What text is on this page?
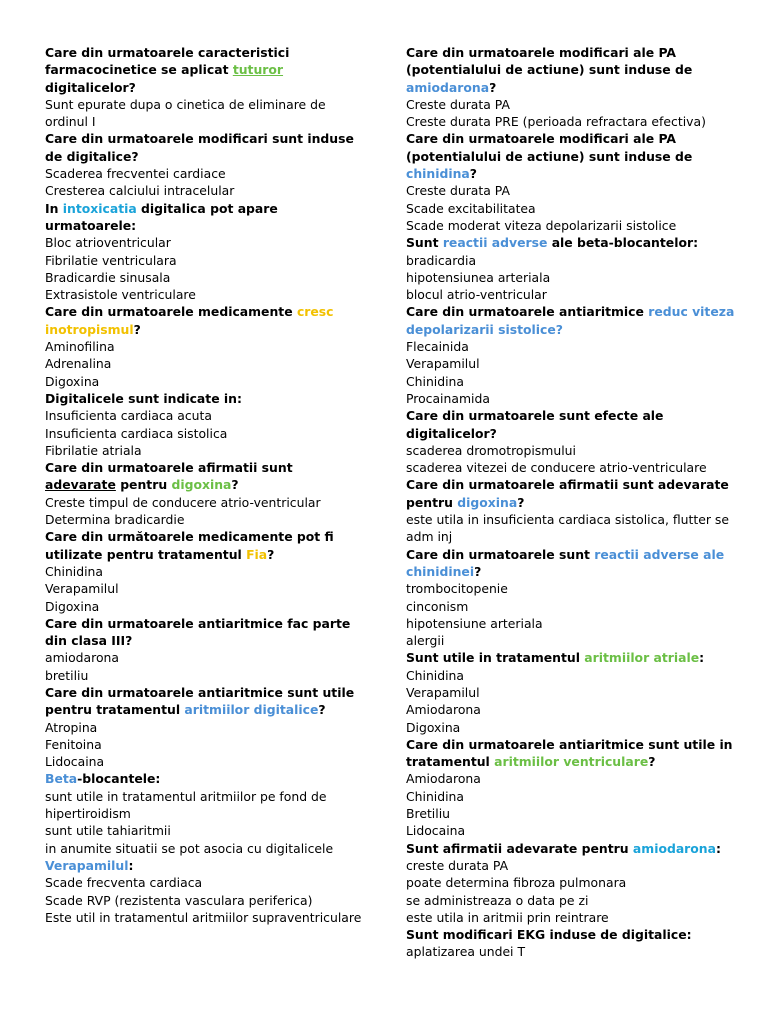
Care din urmatoarele caracteristici farmacocinetice se aplicat tuturor digitalicelor?

Sunt epurate dupa o cinetica de eliminare de ordinul I

Care din urmatoarele modificari sunt induse de digitalice?

Scaderea frecventei cardiace

Cresterea calciului intracelular

In intoxicatia digitalica pot apare urmatoarele:

Bloc atrioventricular

Fibrilatie ventriculara

Bradicardie sinusala

Extrasistole ventriculare

Care din urmatoarele medicamente cresc inotropismul?

Aminofilina

Adrenalina

Digoxina

Digitalicele sunt indicate in:

Insuficienta cardiaca acuta

Insuficienta cardiaca sistolica

Fibrilatie atriala

Care din urmatoarele afirmatii sunt adevarate pentru digoxina?

Creste timpul de conducere atrio-ventricular

Determina bradicardie

Care din următoarele medicamente pot fi utilizate pentru tratamentul Fia?

Chinidina

Verapamilul

Digoxina

Care din urmatoarele antiaritmice fac parte din clasa III?

amiodarona

bretiliu

Care din urmatoarele antiaritmice sunt utile pentru tratamentul aritmiilor digitalice?

Atropina

Fenitoina

Lidocaina

Beta-blocantele:

sunt utile in tratamentul aritmiilor pe fond de hipertiroidism

sunt utile tahiaritmii

in anumite situatii se pot asocia cu digitalicele

Verapamilul:

Scade frecventa cardiaca

Scade RVP (rezistenta vasculara periferica)

Este util in tratamentul aritmiilor supraventriculare

Care din urmatoarele modificari ale PA (potentialului de actiune) sunt induse de amiodarona?

Creste durata PA

Creste durata PRE (perioada refractara efectiva)

Care din urmatoarele modificari ale PA (potentialului de actiune) sunt induse de chinidina?

Creste durata PA

Scade excitabilitatea

Scade moderat viteza depolarizarii sistolice

Sunt reactii adverse ale beta-blocantelor:

bradicardia

hipotensiunea arteriala

blocul atrio-ventricular

Care din urmatoarele antiaritmice reduc viteza depolarizarii sistolice?

Flecainida

Verapamilul

Chinidina

Procainamida

Care din urmatoarele sunt efecte ale digitalicelor?

scaderea dromotropismului

scaderea vitezei de conducere atrio-ventriculare

Care din urmatoarele afirmatii sunt adevarate pentru digoxina?

este utila in insuficienta cardiaca sistolica, flutter se adm inj

Care din urmatoarele sunt reactii adverse ale chinidinei?

trombocitopenie

cinconism

hipotensiune arteriala

alergii

Sunt utile in tratamentul aritmiilor atriale:

Chinidina

Verapamilul

Amiodarona

Digoxina

Care din urmatoarele antiaritmice sunt utile in tratamentul aritmiilor ventriculare?

Amiodarona

Chinidina

Bretiliu

Lidocaina

Sunt afirmatii adevarate pentru amiodarona:

creste durata PA

poate determina fibroza pulmonara

se administreaza o data pe zi

este utila in aritmii prin reintrare

Sunt modificari EKG induse de digitalice:

aplatizarea undei T
